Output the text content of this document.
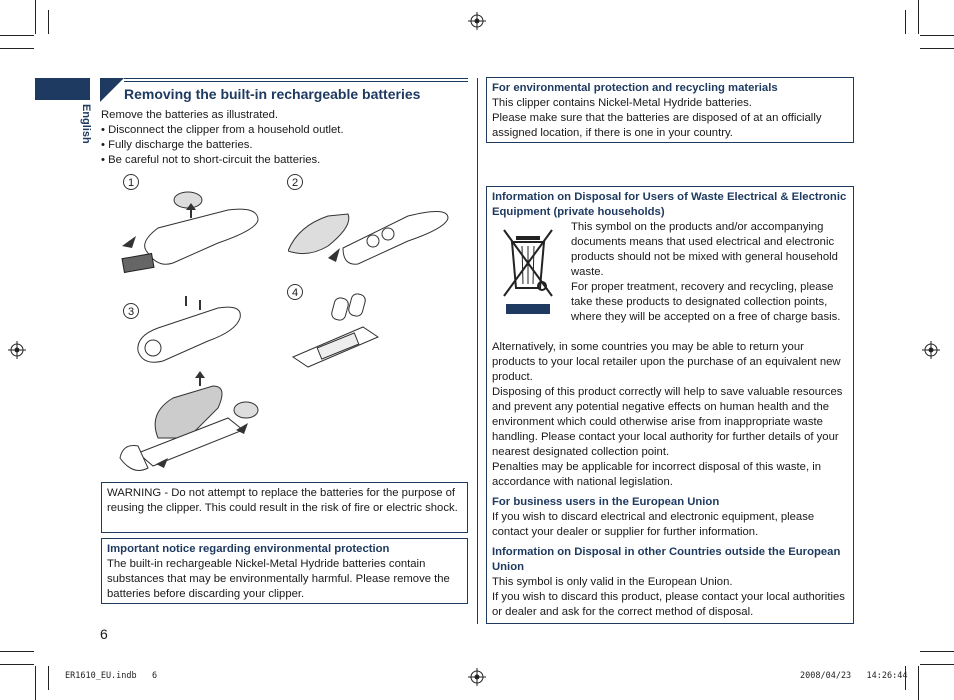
English
Removing the built-in rechargeable batteries
Remove the batteries as illustrated.
• Disconnect the clipper from a household outlet.
• Fully discharge the batteries.
• Be careful not to short-circuit the batteries.
1	2
3
4
WARNING - Do not attempt to replace the batteries for the purpose of reusing the clipper. This could result in the risk of fire or electric shock.
Important notice regarding environmental protection
The built-in rechargeable Nickel-Metal Hydride batteries contain substances that may be environmentally harmful. Please remove the batteries before discarding your clipper.
6
For environmental protection and recycling materials
This clipper contains Nickel-Metal Hydride batteries.
Please make sure that the batteries are disposed of at an officially assigned location, if there is one in your country.
Information on Disposal for Users of Waste Electrical & Electronic Equipment (private households)
This symbol on the products and/or accompanying documents means that used electrical and electronic products should not be mixed with general household waste.
For proper treatment, recovery and recycling, please take these products to designated collection points, where they will be accepted on a free of charge basis.
Alternatively, in some countries you may be able to return your products to your local retailer upon the purchase of an equivalent new product.
Disposing of this product correctly will help to save valuable resources and prevent any potential negative effects on human health and the environment which could otherwise arise from inappropriate waste handling. Please contact your local authority for further details of your nearest designated collection point.
Penalties may be applicable for incorrect disposal of this waste, in accordance with national legislation.
For business users in the European Union
If you wish to discard electrical and electronic equipment, please contact your dealer or supplier for further information.
Information on Disposal in other Countries outside the European Union
This symbol is only valid in the European Union.
If you wish to discard this product, please contact your local authorities or dealer and ask for the correct method of disposal.
ER1610_EU.indb   6	2008/04/23   14:26:44
